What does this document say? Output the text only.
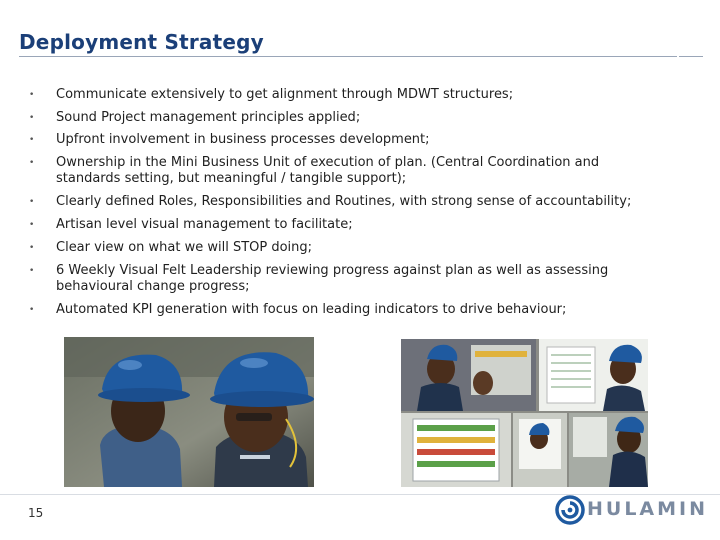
Deployment Strategy
• Communicate extensively to get alignment through MDWT structures;
• Sound Project management principles applied;
• Upfront involvement in business processes development;
• Ownership in the Mini Business Unit of execution of plan. (Central Coordination and
standards setting, but meaningful / tangible support);
• Clearly defined Roles, Responsibilities and Routines, with strong sense of accountability;
• Artisan level visual management to facilitate;
• Clear view on what we will STOP doing;
• 6 Weekly Visual Felt Leadership reviewing progress against plan as well as assessing
behavioural change progress;
• Automated KPI generation with focus on leading indicators to drive behaviour;
15	HULAMIN
